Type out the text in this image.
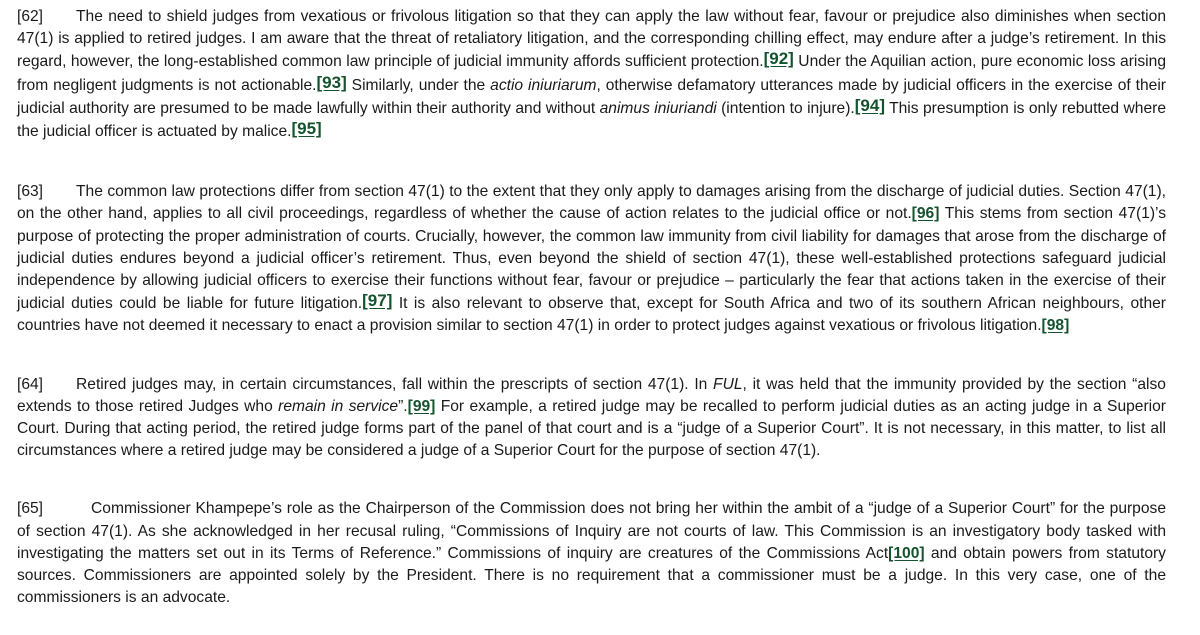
[62] The need to shield judges from vexatious or frivolous litigation so that they can apply the law without fear, favour or prejudice also diminishes when section 47(1) is applied to retired judges. I am aware that the threat of retaliatory litigation, and the corresponding chilling effect, may endure after a judge’s retirement. In this regard, however, the long-established common law principle of judicial immunity affords sufficient protection.[92] Under the Aquilian action, pure economic loss arising from negligent judgments is not actionable.[93] Similarly, under the actio iniuriarum, otherwise defamatory utterances made by judicial officers in the exercise of their judicial authority are presumed to be made lawfully within their authority and without animus iniuriandi (intention to injure).[94] This presumption is only rebutted where the judicial officer is actuated by malice.[95]

[63] The common law protections differ from section 47(1) to the extent that they only apply to damages arising from the discharge of judicial duties. Section 47(1), on the other hand, applies to all civil proceedings, regardless of whether the cause of action relates to the judicial office or not.[96] This stems from section 47(1)’s purpose of protecting the proper administration of courts. Crucially, however, the common law immunity from civil liability for damages that arose from the discharge of judicial duties endures beyond a judicial officer’s retirement. Thus, even beyond the shield of section 47(1), these well-established protections safeguard judicial independence by allowing judicial officers to exercise their functions without fear, favour or prejudice – particularly the fear that actions taken in the exercise of their judicial duties could be liable for future litigation.[97] It is also relevant to observe that, except for South Africa and two of its southern African neighbours, other countries have not deemed it necessary to enact a provision similar to section 47(1) in order to protect judges against vexatious or frivolous litigation.[98]

[64] Retired judges may, in certain circumstances, fall within the prescripts of section 47(1). In FUL, it was held that the immunity provided by the section “also extends to those retired Judges who remain in service”.[99] For example, a retired judge may be recalled to perform judicial duties as an acting judge in a Superior Court. During that acting period, the retired judge forms part of the panel of that court and is a “judge of a Superior Court”. It is not necessary, in this matter, to list all circumstances where a retired judge may be considered a judge of a Superior Court for the purpose of section 47(1).

[65]	Commissioner Khampepe’s role as the Chairperson of the Commission does not bring her within the ambit of a “judge of a Superior Court” for the purpose of section 47(1). As she acknowledged in her recusal ruling, “Commissions of Inquiry are not courts of law. This Commission is an investigatory body tasked with investigating the matters set out in its Terms of Reference.” Commissions of inquiry are creatures of the Commissions Act[100] and obtain powers from statutory sources. Commissioners are appointed solely by the President. There is no requirement that a commissioner must be a judge. In this very case, one of the commissioners is an advocate.
